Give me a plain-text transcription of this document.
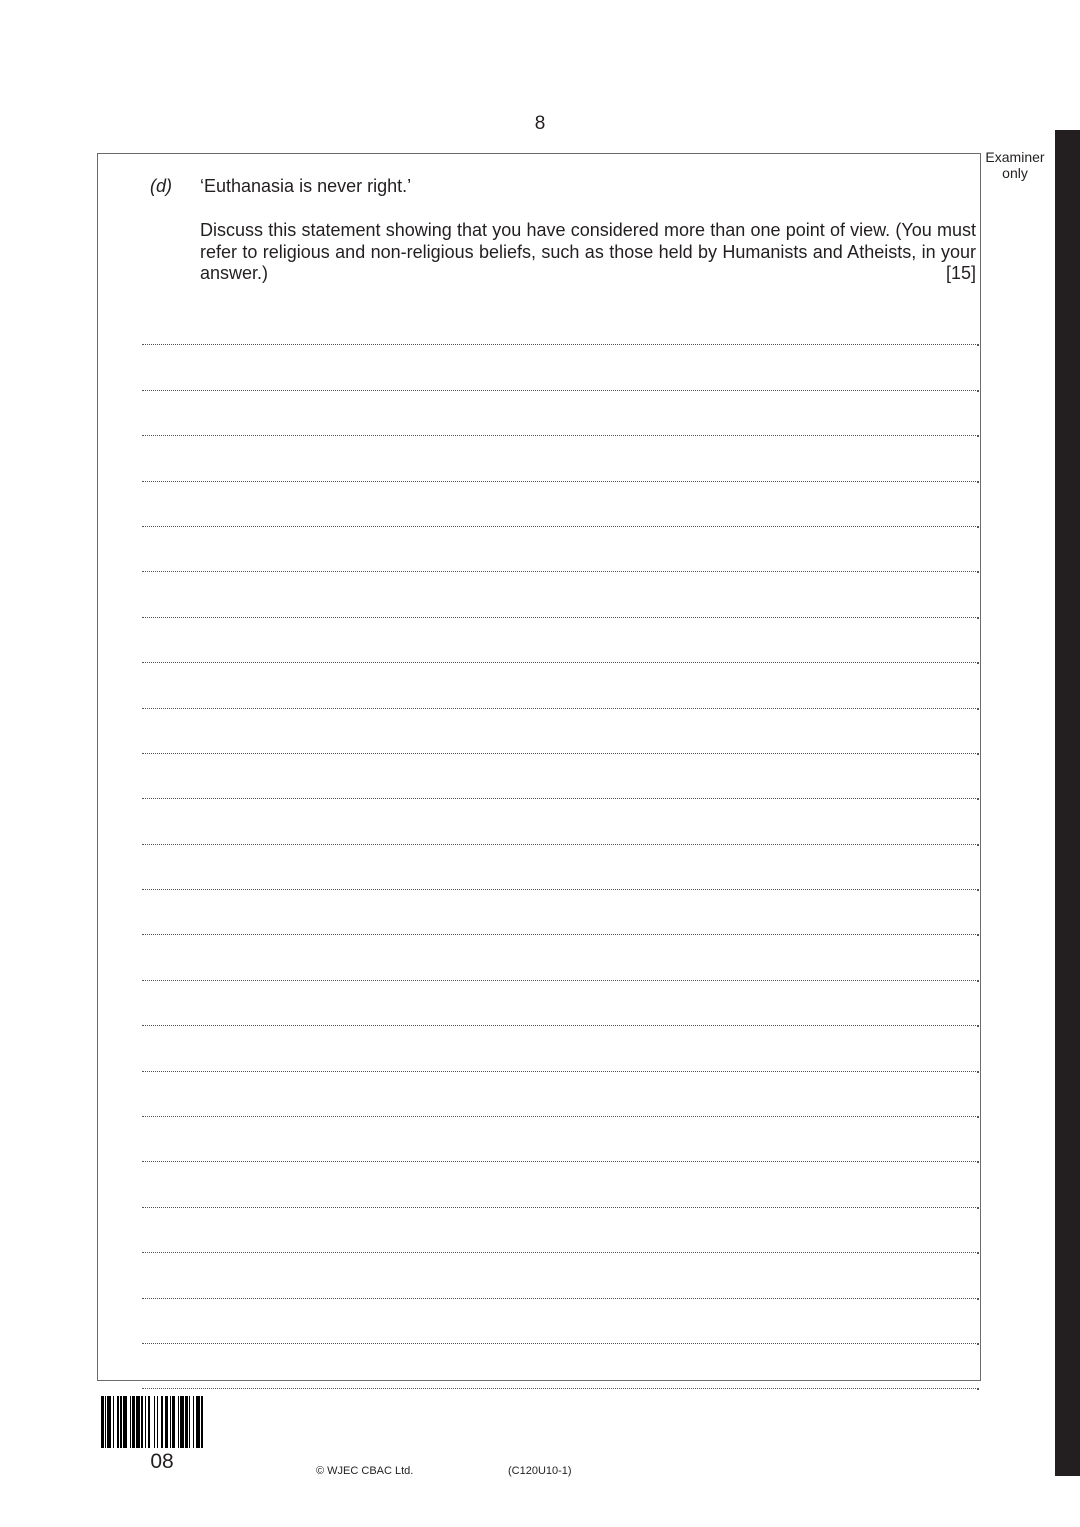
8
Examiner only
(d) ‘Euthanasia is never right.’
Discuss this statement showing that you have considered more than one point of view. (You must refer to religious and non-religious beliefs, such as those held by Humanists and Atheists, in your answer.)	[15]
08	© WJEC CBAC Ltd.	(C120U10-1)
